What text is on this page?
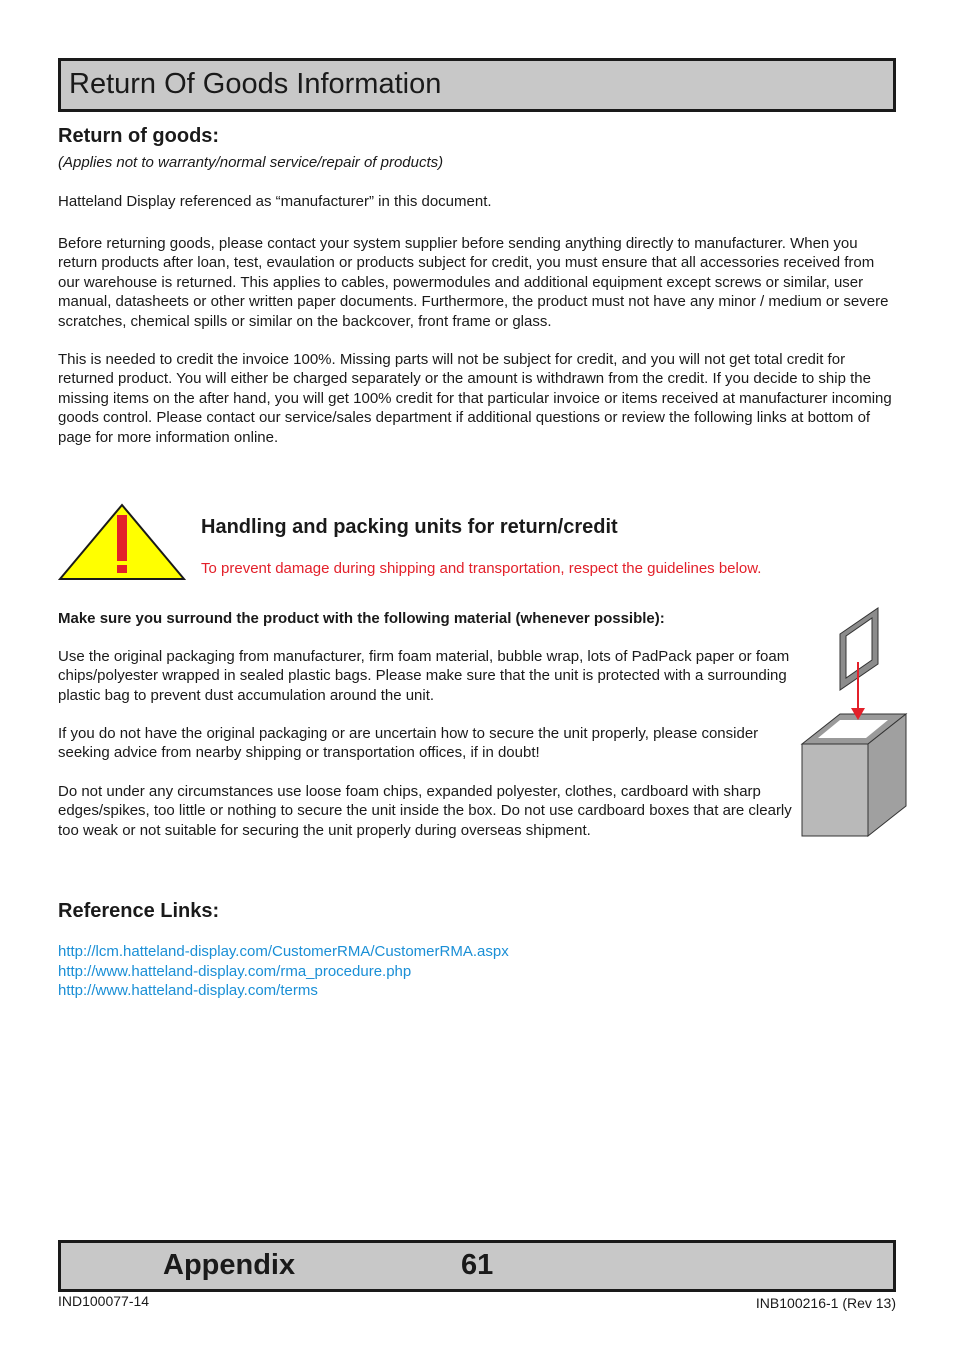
Return Of Goods Information
Return of goods:

(Applies not to warranty/normal service/repair of products)

Hatteland Display referenced as “manufacturer” in this document.

Before returning goods, please contact your system supplier before sending anything directly to manufacturer. When you return products after loan, test, evaulation or products subject for credit, you must ensure that all accessories received from our warehouse is returned. This applies to cables, powermodules and additional equipment except screws or similar, user manual, datasheets or other written paper documents. Furthermore, the product must not have any minor / medium or severe scratches, chemical spills or similar on the backcover, front frame or glass.

This is needed to credit the invoice 100%. Missing parts will not be subject for credit, and you will not get total credit for returned product. You will either be charged separately or the amount is withdrawn from the credit. If you decide to ship the missing items on the after hand, you will get 100% credit for that particular invoice or items received at manufacturer incoming goods control. Please contact our service/sales department if additional questions or review the following links at bottom of page for more information online.

Handling and packing units for return/credit

To prevent damage during shipping and transportation, respect the guidelines below.

Make sure you surround the product with the following material (whenever possible):

Use the original packaging from manufacturer, firm foam material, bubble wrap, lots of PadPack paper or foam chips/polyester wrapped in sealed plastic bags. Please make sure that the unit is protected with a surrounding plastic bag to prevent dust accumulation around the unit.

If you do not have the original packaging or are uncertain how to secure the unit properly, please consider seeking advice from nearby shipping or transportation offices, if in doubt!

Do not under any circumstances use loose foam chips, expanded polyester, clothes, cardboard with sharp edges/spikes, too little or nothing to secure the unit inside the box. Do not use cardboard boxes that are clearly too weak or not suitable for securing the unit properly during overseas shipment.

Reference Links:
http://lcm.hatteland-display.com/CustomerRMA/CustomerRMA.aspx
http://www.hatteland-display.com/rma_procedure.php
http://www.hatteland-display.com/terms
Appendix	61
IND100077-14	INB100216-1 (Rev 13)
